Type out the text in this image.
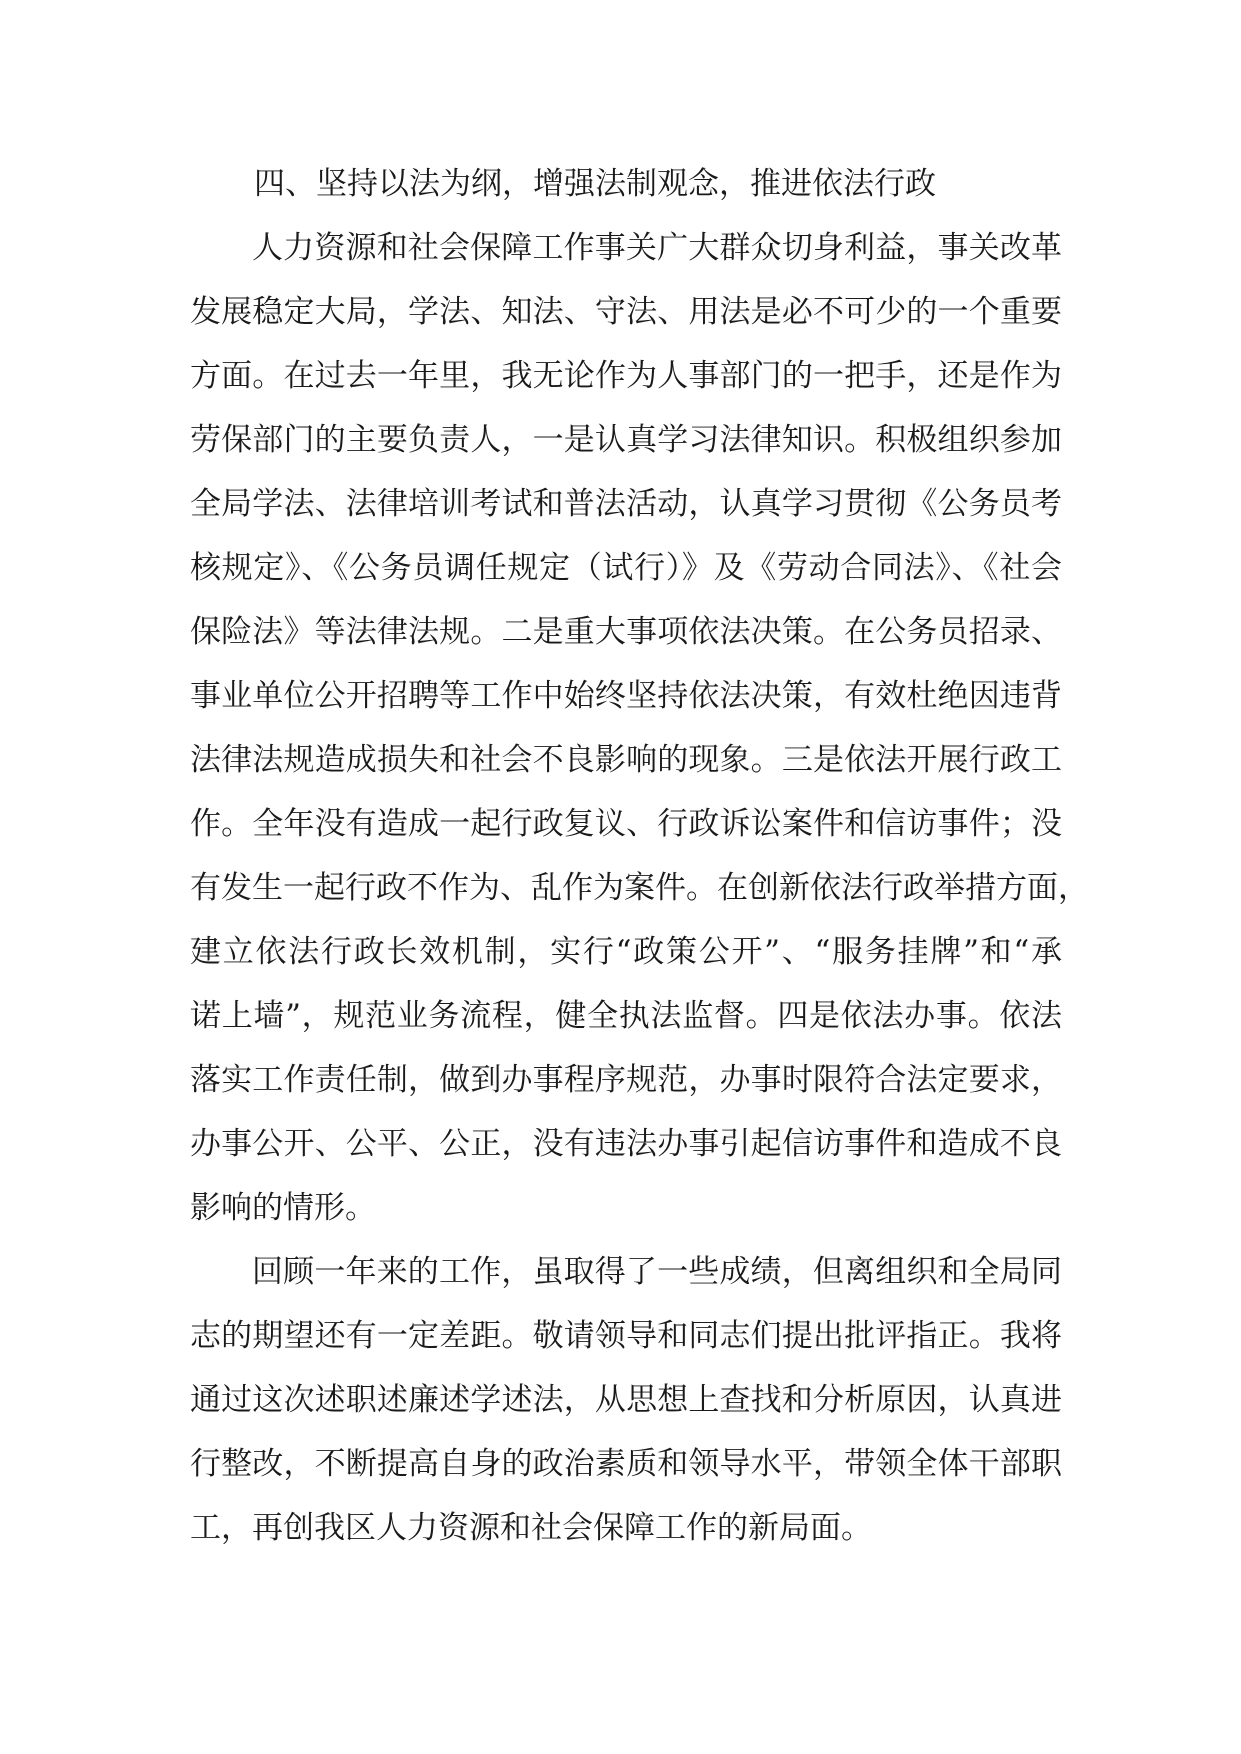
四、坚持以法为纲，增强法制观念，推进依法行政
人力资源和社会保障工作事关广大群众切身利益，事关改革
发展稳定大局，学法、知法、守法、用法是必不可少的一个重要
方面。在过去一年里，我无论作为人事部门的一把手，还是作为
劳保部门的主要负责人，一是认真学习法律知识。积极组织参加
全局学法、法律培训考试和普法活动，认真学习贯彻《公务员考
核规定》、《公务员调任规定（试行）》及《劳动合同法》、《社会
保险法》等法律法规。二是重大事项依法决策。在公务员招录、
事业单位公开招聘等工作中始终坚持依法决策，有效杜绝因违背
法律法规造成损失和社会不良影响的现象。三是依法开展行政工
作。全年没有造成一起行政复议、行政诉讼案件和信访事件；没
有发生一起行政不作为、乱作为案件。在创新依法行政举措方面，
建立依法行政长效机制，实行“政策公开”、“服务挂牌”和“承
诺上墙”，规范业务流程，健全执法监督。四是依法办事。依法
落实工作责任制，做到办事程序规范，办事时限符合法定要求，
办事公开、公平、公正，没有违法办事引起信访事件和造成不良
影响的情形。
回顾一年来的工作，虽取得了一些成绩，但离组织和全局同
志的期望还有一定差距。敬请领导和同志们提出批评指正。我将
通过这次述职述廉述学述法，从思想上查找和分析原因，认真进
行整改，不断提高自身的政治素质和领导水平，带领全体干部职
工，再创我区人力资源和社会保障工作的新局面。
